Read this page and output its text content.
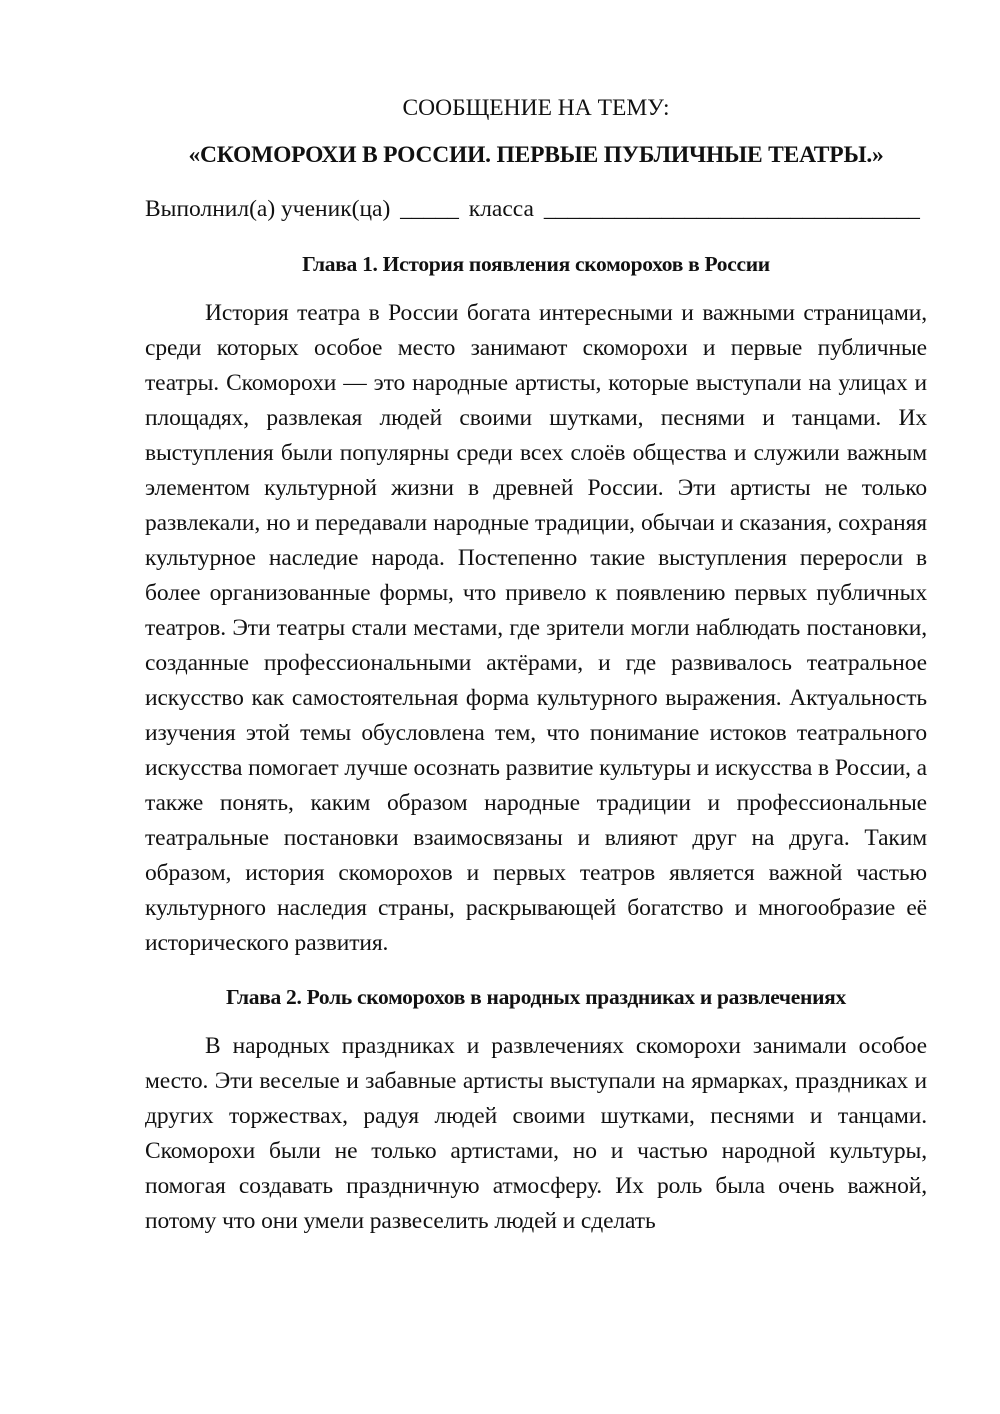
СООБЩЕНИЕ НА ТЕМУ:
«СКОМОРОХИ В РОССИИ. ПЕРВЫЕ ПУБЛИЧНЫЕ ТЕАТРЫ.»
Выполнил(а) ученик(ца) _____ класса ________________________________
Глава 1. История появления скоморохов в России

История театра в России богата интересными и важными страницами, среди которых особое место занимают скоморохи и первые публичные театры. Скоморохи — это народные артисты, которые выступали на улицах и площадях, развлекая людей своими шутками, песнями и танцами. Их выступления были популярны среди всех слоёв общества и служили важным элементом культурной жизни в древней России. Эти артисты не только развлекали, но и передавали народные традиции, обычаи и сказания, сохраняя культурное наследие народа. Постепенно такие выступления переросли в более организованные формы, что привело к появлению первых публичных театров. Эти театры стали местами, где зрители могли наблюдать постановки, созданные профессиональными актёрами, и где развивалось театральное искусство как самостоятельная форма культурного выражения. Актуальность изучения этой темы обусловлена тем, что понимание истоков театрального искусства помогает лучше осознать развитие культуры и искусства в России, а также понять, каким образом народные традиции и профессиональные театральные постановки взаимосвязаны и влияют друг на друга. Таким образом, история скоморохов и первых театров является важной частью культурного наследия страны, раскрывающей богатство и многообразие её исторического развития.

Глава 2. Роль скоморохов в народных праздниках и развлечениях

В народных праздниках и развлечениях скоморохи занимали особое место. Эти веселые и забавные артисты выступали на ярмарках, праздниках и других торжествах, радуя людей своими шутками, песнями и танцами. Скоморохи были не только артистами, но и частью народной культуры, помогая создавать праздничную атмосферу. Их роль была очень важной, потому что они умели развеселить людей и сделать
